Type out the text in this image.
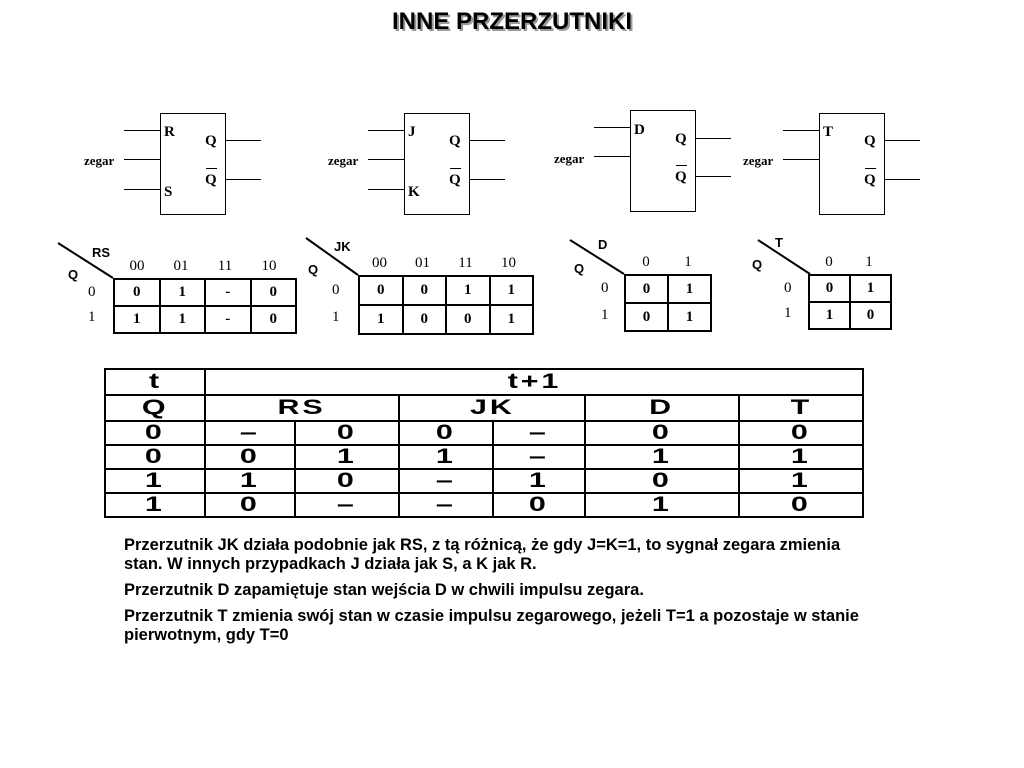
INNE PRZERZUTNIKI
R
S
zegar
Q
Q
J
K
zegar
Q
Q
D
zegar
Q
Q
T
zegar
Q
Q
RS
Q
00	01	11	10
0
1
0	1	-	0
1	1	-	0
JK
Q	00	01	11	10
0
1
0	0	1	1
1	0	0	1
D
Q	0	1
0
1
0	1
0	1
T
Q	0	1
0
1
0	1
1	0
t	t+1					
Q	RS		JK		D	T
0	–	0	0	–	0	0
0	0	1	1	–	1	1
1	1	0	–	1	0	1
1	0	–	–	0	1	0

Przerzutnik JK działa podobnie jak RS, z tą różnicą, że gdy J=K=1, to sygnał zegara zmienia stan. W innych przypadkach J działa jak S, a K jak R.

Przerzutnik D zapamiętuje stan wejścia D w chwili impulsu zegara.

Przerzutnik T zmienia swój stan w czasie impulsu zegarowego, jeżeli T=1 a pozostaje w stanie pierwotnym, gdy T=0
